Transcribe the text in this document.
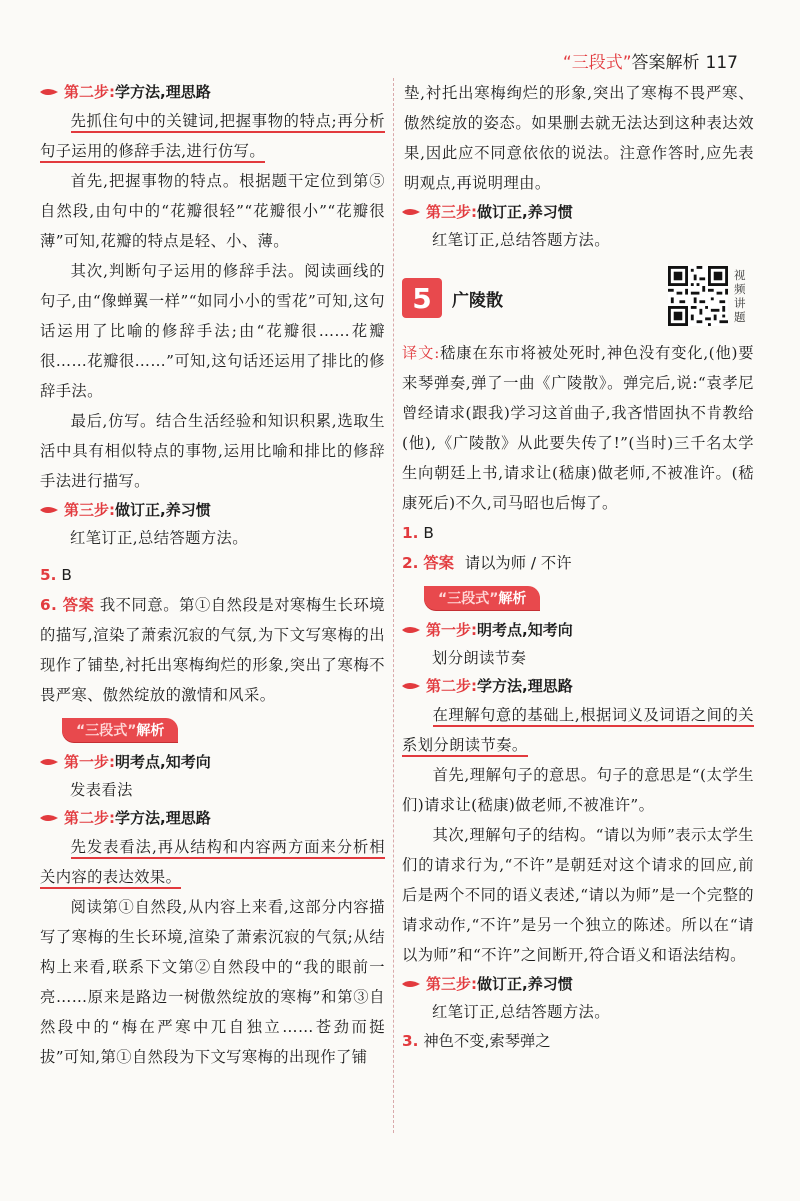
“三段式”答案解析 117
第二步: 学方法,理思路

先抓住句中的关键词,把握事物的特点;再分析句子运用的修辞手法,进行仿写。

首先,把握事物的特点。根据题干定位到第⑤自然段,由句中的“花瓣很轻”“花瓣很小”“花瓣很薄”可知,花瓣的特点是轻、小、薄。

其次,判断句子运用的修辞手法。阅读画线的句子,由“像蝉翼一样”“如同小小的雪花”可知,这句话运用了比喻的修辞手法;由“花瓣很……花瓣很……花瓣很……”可知,这句话还运用了排比的修辞手法。

最后,仿写。结合生活经验和知识积累,选取生活中具有相似特点的事物,运用比喻和排比的修辞手法进行描写。

第三步: 做订正,养习惯
红笔订正,总结答题方法。
5. B
6. 答案 我不同意。第①自然段是对寒梅生长环境的描写,渲染了萧索沉寂的气氛,为下文写寒梅的出现作了铺垫,衬托出寒梅绚烂的形象,突出了寒梅不畏严寒、傲然绽放的激情和风采。
“三段式”解析
第一步: 明考点,知考向
发表看法
第二步: 学方法,理思路

先发表看法,再从结构和内容两方面来分析相关内容的表达效果。

阅读第①自然段,从内容上来看,这部分内容描写了寒梅的生长环境,渲染了萧索沉寂的气氛;从结构上来看,联系下文第②自然段中的“我的眼前一亮……原来是路边一树傲然绽放的寒梅”和第③自然段中的“梅在严寒中兀自独立……苍劲而挺拔”可知,第①自然段为下文写寒梅的出现作了铺

垫,衬托出寒梅绚烂的形象,突出了寒梅不畏严寒、傲然绽放的姿态。如果删去就无法达到这种表达效果,因此应不同意依依的说法。注意作答时,应先表明观点,再说明理由。

第三步: 做订正,养习惯
红笔订正,总结答题方法。
5	广陵散
视频讲题

译文:嵇康在东市将被处死时,神色没有变化,(他)要来琴弹奏,弹了一曲《广陵散》。弹完后,说:“袁孝尼曾经请求(跟我)学习这首曲子,我吝惜固执不肯教给(他),《广陵散》从此要失传了!”(当时)三千名太学生向朝廷上书,请求让(嵇康)做老师,不被准许。(嵇康死后)不久,司马昭也后悔了。

1. B
2. 答案 请以为师 / 不许
“三段式”解析
第一步: 明考点,知考向
划分朗读节奏
第二步: 学方法,理思路

在理解句意的基础上,根据词义及词语之间的关系划分朗读节奏。

首先,理解句子的意思。句子的意思是“(太学生们)请求让(嵇康)做老师,不被准许”。

其次,理解句子的结构。“请以为师”表示太学生们的请求行为,“不许”是朝廷对这个请求的回应,前后是两个不同的语义表述,“请以为师”是一个完整的请求动作,“不许”是另一个独立的陈述。所以在“请以为师”和“不许”之间断开,符合语义和语法结构。

第三步: 做订正,养习惯
红笔订正,总结答题方法。
3. 神色不变,索琴弹之
